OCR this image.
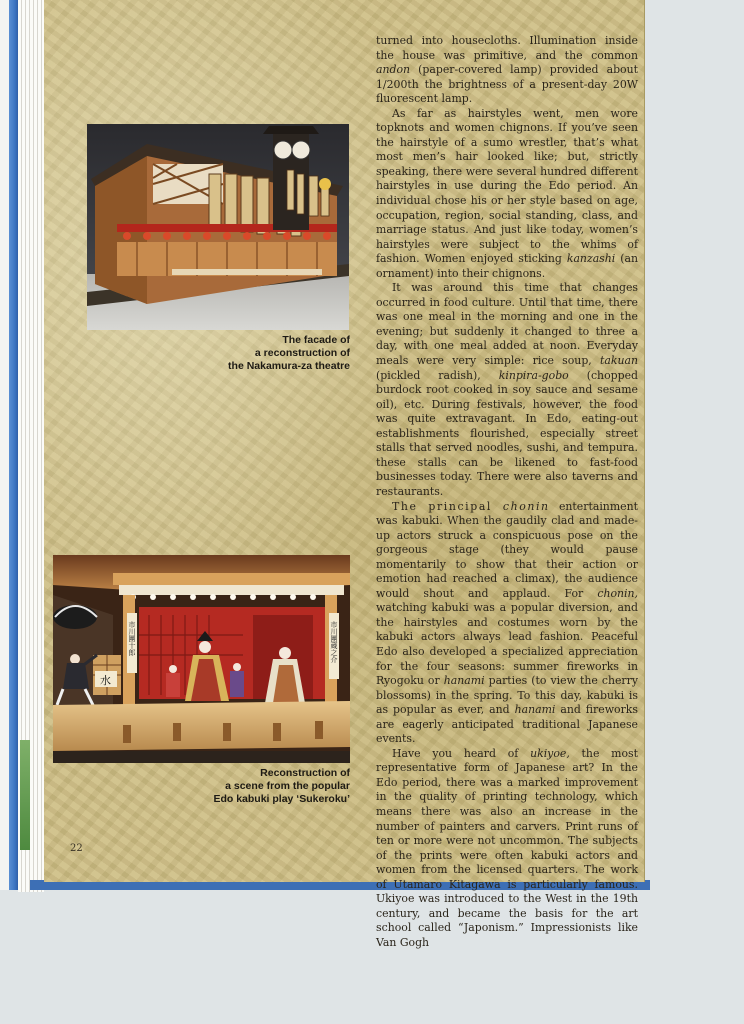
The facade of
a reconstruction of
the Nakamura-za theatre
市川團十郎	市川團蔵之介
水
Reconstruction of
a scene from the popular
Edo kabuki play ‘Sukeroku’

turned into housecloths. Illumination inside the house was primitive, and the common andon (paper-covered lamp) provided about 1/200th the brightness of a present-day 20W fluorescent lamp.

As far as hairstyles went, men wore topknots and women chignons. If you’ve seen the hairstyle of a sumo wrestler, that’s what most men’s hair looked like; but, strictly speaking, there were several hundred different hairstyles in use during the Edo period. An individual chose his or her style based on age, occupation, region, social standing, class, and marriage status. And just like today, women’s hairstyles were subject to the whims of fashion. Women enjoyed sticking kanzashi (an ornament) into their chignons.

It was around this time that changes occurred in food culture. Until that time, there was one meal in the morning and one in the evening; but suddenly it changed to three a day, with one meal added at noon. Everyday meals were very simple: rice soup, takuan (pickled radish), kinpira-gobo (chopped burdock root cooked in soy sauce and sesame oil), etc. During festivals, however, the food was quite extravagant. In Edo, eating-out establishments flourished, especially street stalls that served noodles, sushi, and tempura. these stalls can be likened to fast-food businesses today. There were also taverns and restaurants.

The principal chonin entertainment was kabuki. When the gaudily clad and made-up actors struck a conspicuous pose on the gorgeous stage (they would pause momentarily to show that their action or emotion had reached a climax), the audience would shout and applaud. For chonin, watching kabuki was a popular diversion, and the hairstyles and costumes worn by the kabuki actors always lead fashion. Peaceful Edo also developed a specialized appreciation for the four seasons: summer fireworks in Ryogoku or hanami parties (to view the cherry blossoms) in the spring. To this day, kabuki is as popular as ever, and hanami and fireworks are eagerly anticipated traditional Japanese events.

Have you heard of ukiyoe, the most representative form of Japanese art? In the Edo period, there was a marked improvement in the quality of printing technology, which means there was also an increase in the number of painters and carvers. Print runs of ten or more were not uncommon. The subjects of the prints were often kabuki actors and women from the licensed quarters. The work of Utamaro Kitagawa is particularly famous. Ukiyoe was introduced to the West in the 19th century, and became the basis for the art school called “Japonism.” Impressionists like Van Gogh

22
